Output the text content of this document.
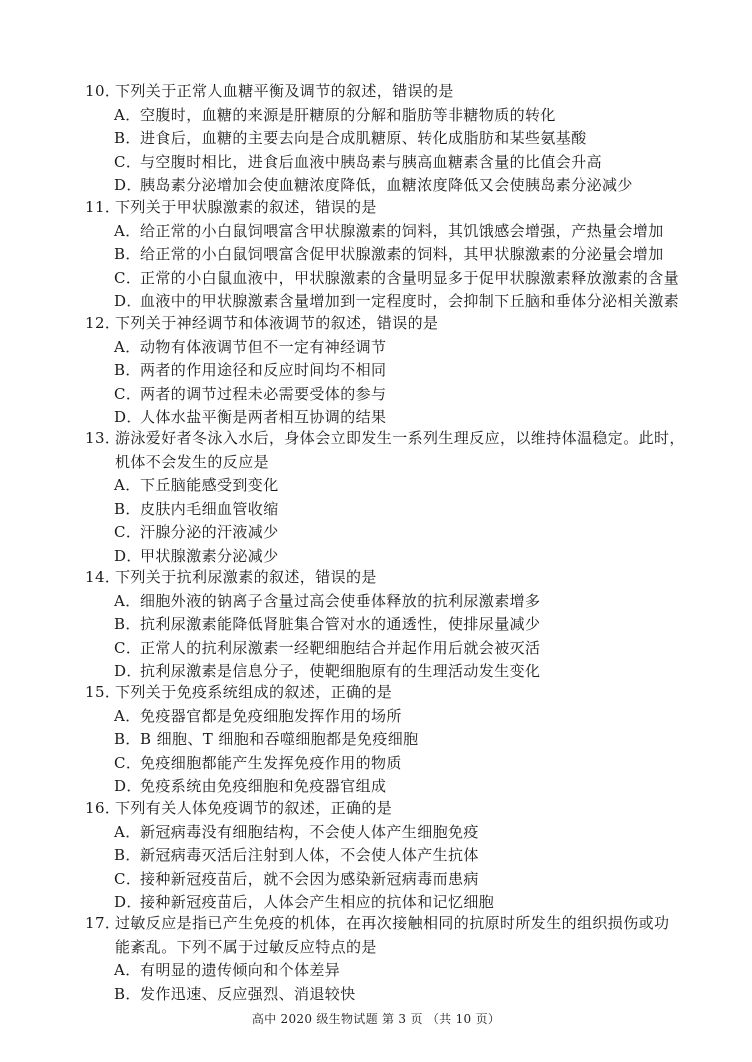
10．下列关于正常人血糖平衡及调节的叙述，错误的是
A．空腹时，血糖的来源是肝糖原的分解和脂肪等非糖物质的转化
B．进食后，血糖的主要去向是合成肌糖原、转化成脂肪和某些氨基酸
C．与空腹时相比，进食后血液中胰岛素与胰高血糖素含量的比值会升高
D．胰岛素分泌增加会使血糖浓度降低，血糖浓度降低又会使胰岛素分泌减少
11．下列关于甲状腺激素的叙述，错误的是
A．给正常的小白鼠饲喂富含甲状腺激素的饲料，其饥饿感会增强，产热量会增加
B．给正常的小白鼠饲喂富含促甲状腺激素的饲料，其甲状腺激素的分泌量会增加
C．正常的小白鼠血液中，甲状腺激素的含量明显多于促甲状腺激素释放激素的含量
D．血液中的甲状腺激素含量增加到一定程度时，会抑制下丘脑和垂体分泌相关激素
12．下列关于神经调节和体液调节的叙述，错误的是
A．动物有体液调节但不一定有神经调节
B．两者的作用途径和反应时间均不相同
C．两者的调节过程未必需要受体的参与
D．人体水盐平衡是两者相互协调的结果
13．游泳爱好者冬泳入水后，身体会立即发生一系列生理反应，以维持体温稳定。此时，
机体不会发生的反应是
A．下丘脑能感受到变化
B．皮肤内毛细血管收缩
C．汗腺分泌的汗液减少
D．甲状腺激素分泌减少
14．下列关于抗利尿激素的叙述，错误的是
A．细胞外液的钠离子含量过高会使垂体释放的抗利尿激素增多
B．抗利尿激素能降低肾脏集合管对水的通透性，使排尿量减少
C．正常人的抗利尿激素一经靶细胞结合并起作用后就会被灭活
D．抗利尿激素是信息分子，使靶细胞原有的生理活动发生变化
15．下列关于免疫系统组成的叙述，正确的是
A．免疫器官都是免疫细胞发挥作用的场所
B．B 细胞、T 细胞和吞噬细胞都是免疫细胞
C．免疫细胞都能产生发挥免疫作用的物质
D．免疫系统由免疫细胞和免疫器官组成
16．下列有关人体免疫调节的叙述，正确的是
A．新冠病毒没有细胞结构，不会使人体产生细胞免疫
B．新冠病毒灭活后注射到人体，不会使人体产生抗体
C．接种新冠疫苗后，就不会因为感染新冠病毒而患病
D．接种新冠疫苗后，人体会产生相应的抗体和记忆细胞
17．过敏反应是指已产生免疫的机体，在再次接触相同的抗原时所发生的组织损伤或功
能紊乱。下列不属于过敏反应特点的是
A．有明显的遗传倾向和个体差异
B．发作迅速、反应强烈、消退较快
高中 2020 级生物试题 第 3 页 （共 10 页）
